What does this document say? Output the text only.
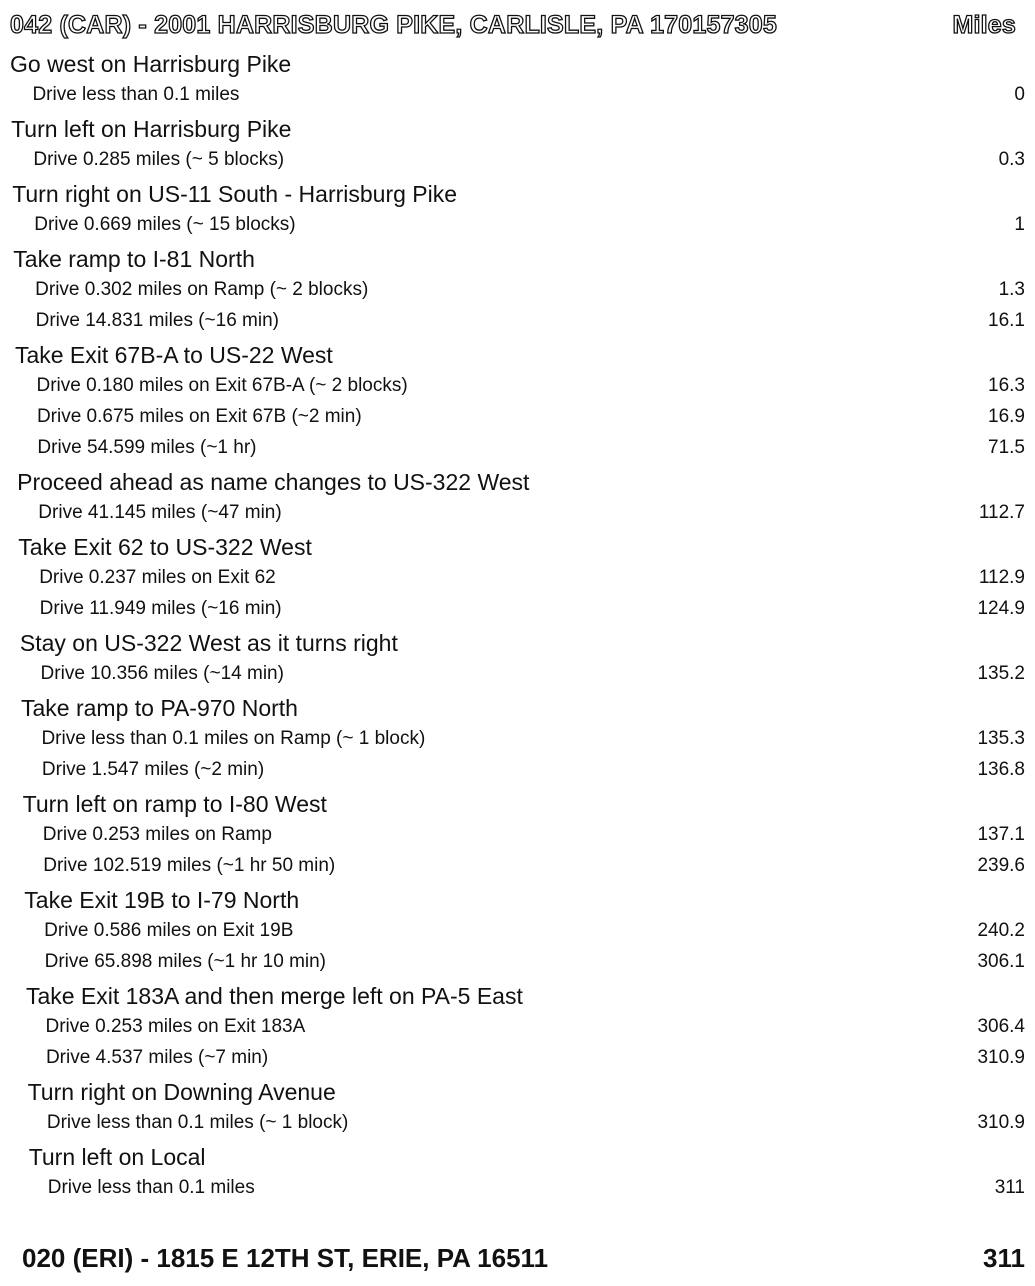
042 (CAR) - 2001 HARRISBURG PIKE, CARLISLE, PA 170157305	Miles
Go west on Harrisburg Pike
Drive less than 0.1 miles	0
Turn left on Harrisburg Pike
Drive 0.285 miles (~ 5 blocks)	0.3
Turn right on US-11 South - Harrisburg Pike
Drive 0.669 miles (~ 15 blocks)	1
Take ramp to I-81 North
Drive 0.302 miles on Ramp (~ 2 blocks)	1.3
Drive 14.831 miles (~16 min)	16.1
Take Exit 67B-A to US-22 West
Drive 0.180 miles on Exit 67B-A (~ 2 blocks)	16.3
Drive 0.675 miles on Exit 67B (~2 min)	16.9
Drive 54.599 miles (~1 hr)	71.5
Proceed ahead as name changes to US-322 West
Drive 41.145 miles (~47 min)	112.7
Take Exit 62 to US-322 West
Drive 0.237 miles on Exit 62	112.9
Drive 11.949 miles (~16 min)	124.9
Stay on US-322 West as it turns right
Drive 10.356 miles (~14 min)	135.2
Take ramp to PA-970 North
Drive less than 0.1 miles on Ramp (~ 1 block)	135.3
Drive 1.547 miles (~2 min)	136.8
Turn left on ramp to I-80 West
Drive 0.253 miles on Ramp	137.1
Drive 102.519 miles (~1 hr 50 min)	239.6
Take Exit 19B to I-79 North
Drive 0.586 miles on Exit 19B	240.2
Drive 65.898 miles (~1 hr 10 min)	306.1
Take Exit 183A and then merge left on PA-5 East
Drive 0.253 miles on Exit 183A	306.4
Drive 4.537 miles (~7 min)	310.9
Turn right on Downing Avenue
Drive less than 0.1 miles (~ 1 block)	310.9
Turn left on Local
Drive less than 0.1 miles	311
020 (ERI) - 1815 E 12TH ST, ERIE, PA 16511	311
